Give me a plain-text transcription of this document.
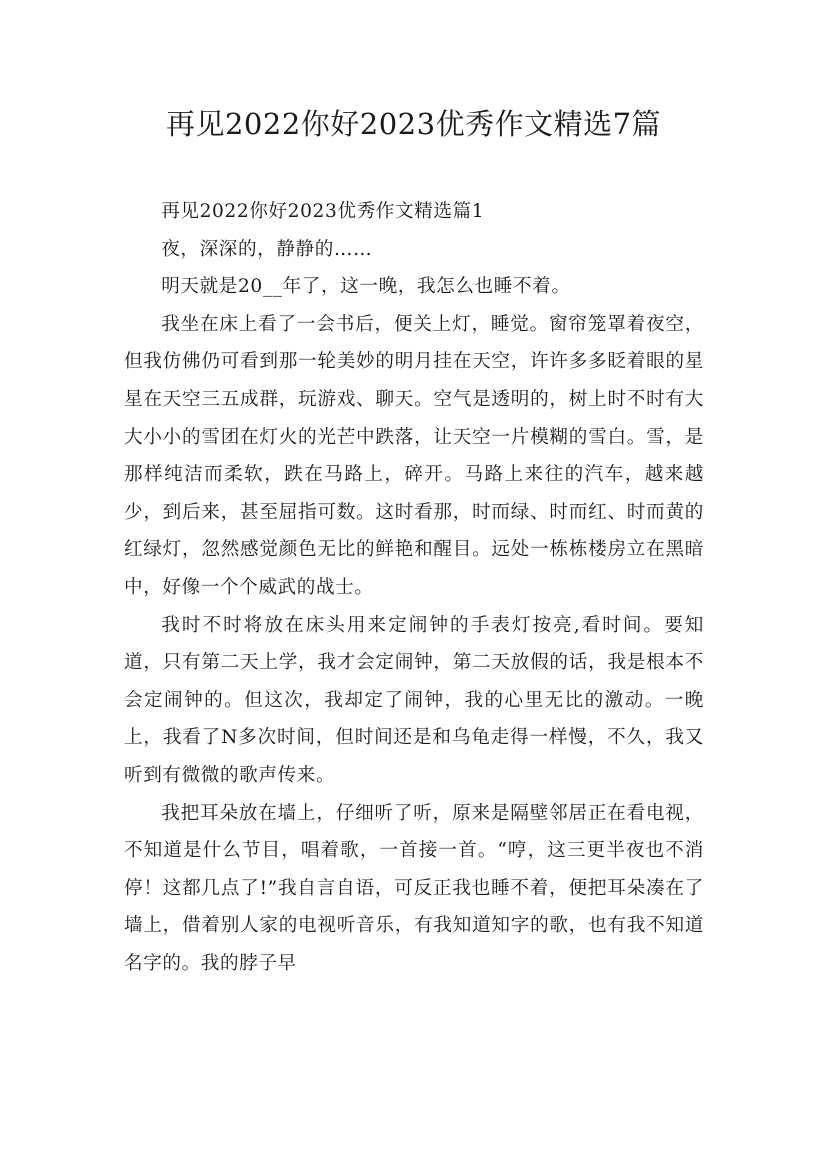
再见2022你好2023优秀作文精选7篇

再见2022你好2023优秀作文精选篇1

夜，深深的，静静的……

明天就是20__年了，这一晚，我怎么也睡不着。

我坐在床上看了一会书后，便关上灯，睡觉。窗帘笼罩着夜空，但我仿佛仍可看到那一轮美妙的明月挂在天空，许许多多眨着眼的星星在天空三五成群，玩游戏、聊天。空气是透明的，树上时不时有大大小小的雪团在灯火的光芒中跌落，让天空一片模糊的雪白。雪，是那样纯洁而柔软，跌在马路上，碎开。马路上来往的汽车，越来越少，到后来，甚至屈指可数。这时看那，时而绿、时而红、时而黄的红绿灯，忽然感觉颜色无比的鲜艳和醒目。远处一栋栋楼房立在黑暗中，好像一个个威武的战士。

我时不时将放在床头用来定闹钟的手表灯按亮,看时间。要知道，只有第二天上学，我才会定闹钟，第二天放假的话，我是根本不会定闹钟的。但这次，我却定了闹钟，我的心里无比的激动。一晚上，我看了N多次时间，但时间还是和乌龟走得一样慢，不久，我又听到有微微的歌声传来。

我把耳朵放在墙上，仔细听了听，原来是隔壁邻居正在看电视，不知道是什么节目，唱着歌，一首接一首。“哼，这三更半夜也不消停！这都几点了!”我自言自语，可反正我也睡不着，便把耳朵凑在了墙上，借着别人家的电视听音乐，有我知道知字的歌，也有我不知道名字的。我的脖子早
